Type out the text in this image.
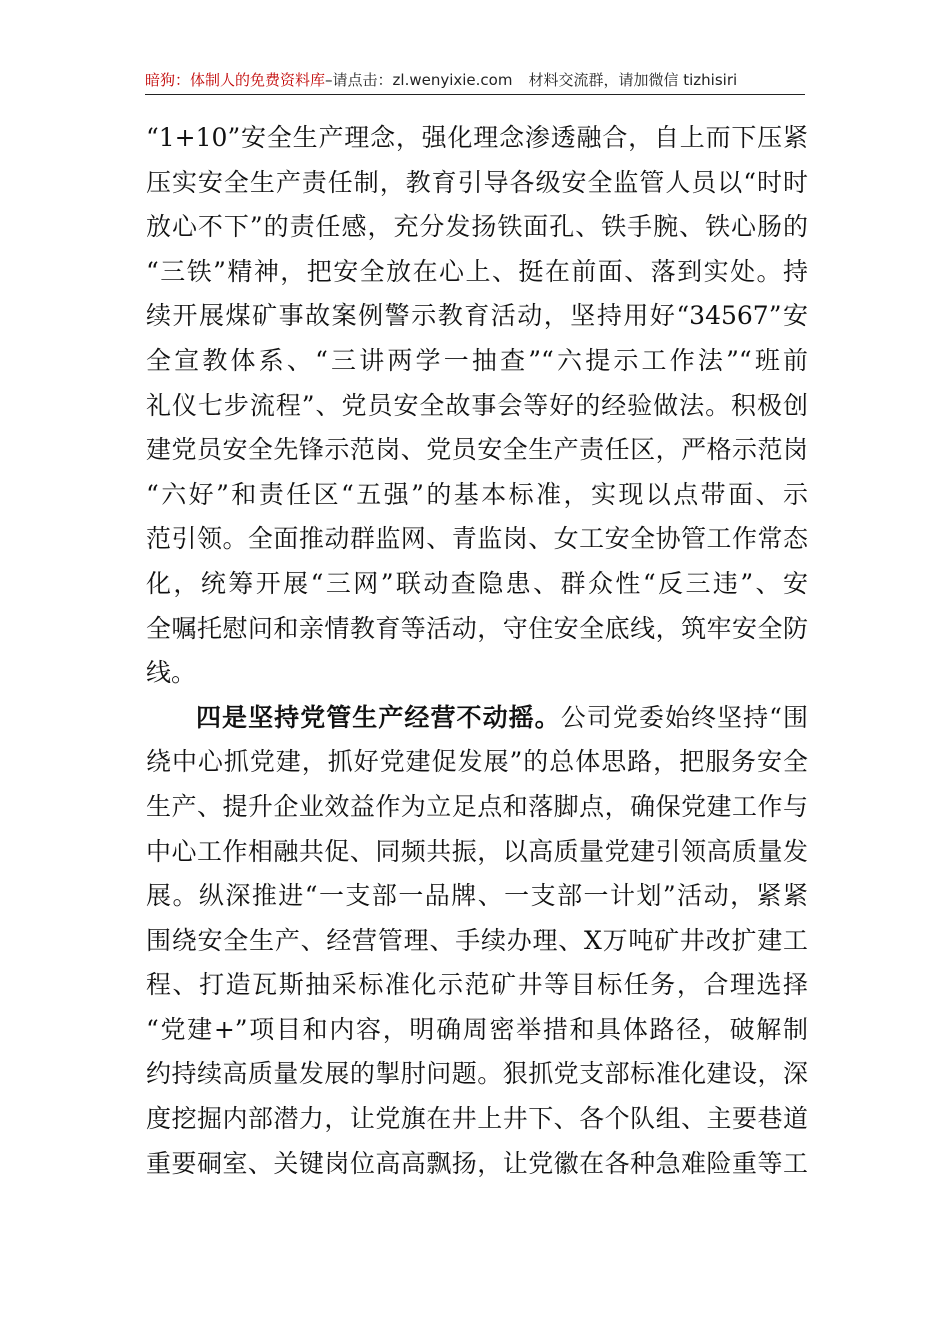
暗狗：体制人的免费资料库–请点击：zl.wenyixie.com 材料交流群，请加微信 tizhisiri
“1+10”安全生产理念，强化理念渗透融合，自上而下压紧
压实安全生产责任制，教育引导各级安全监管人员以“时时
放心不下”的责任感，充分发扬铁面孔、铁手腕、铁心肠的
“三铁”精神，把安全放在心上、挺在前面、落到实处。持
续开展煤矿事故案例警示教育活动，坚持用好“34567”安
全宣教体系、“三讲两学一抽查”“六提示工作法”“班前
礼仪七步流程”、党员安全故事会等好的经验做法。积极创
建党员安全先锋示范岗、党员安全生产责任区，严格示范岗
“六好”和责任区“五强”的基本标准，实现以点带面、示
范引领。全面推动群监网、青监岗、女工安全协管工作常态
化，统筹开展“三网”联动查隐患、群众性“反三违”、安
全嘱托慰问和亲情教育等活动，守住安全底线，筑牢安全防
线。
四是坚持党管生产经营不动摇。公司党委始终坚持“围
绕中心抓党建，抓好党建促发展”的总体思路，把服务安全
生产、提升企业效益作为立足点和落脚点，确保党建工作与
中心工作相融共促、同频共振，以高质量党建引领高质量发
展。纵深推进“一支部一品牌、一支部一计划”活动，紧紧
围绕安全生产、经营管理、手续办理、X万吨矿井改扩建工
程、打造瓦斯抽采标准化示范矿井等目标任务，合理选择
“党建+”项目和内容，明确周密举措和具体路径，破解制
约持续高质量发展的掣肘问题。狠抓党支部标准化建设，深
度挖掘内部潜力，让党旗在井上井下、各个队组、主要巷道
重要硐室、关键岗位高高飘扬，让党徽在各种急难险重等工
